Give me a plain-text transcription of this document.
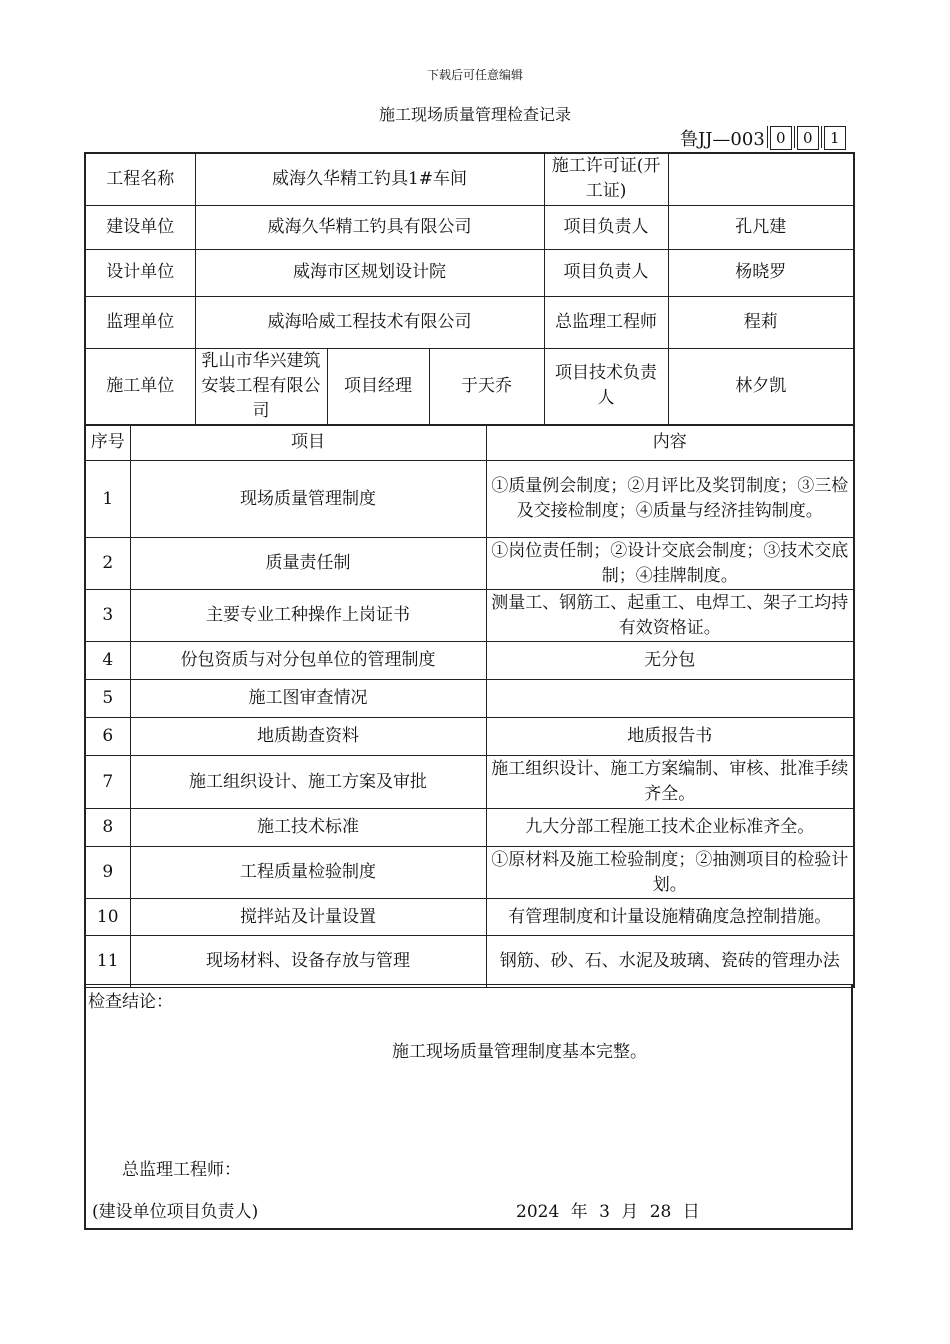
下载后可任意编辑
施工现场质量管理检查记录
鲁JJ—003 0	0	1
工程名称	威海久华精工钓具1#车间			施工许可证(开工证)	
建设单位	威海久华精工钓具有限公司			项目负责人	孔凡建
设计单位	威海市区规划设计院			项目负责人	杨晓罗
监理单位	威海哈威工程技术有限公司			总监理工程师	程莉
施工单位	乳山市华兴建筑安装工程有限公司	项目经理	于天乔	项目技术负责人	林夕凯
序号	项目	内容
1	现场质量管理制度	①质量例会制度；②月评比及奖罚制度；③三检及交接检制度；④质量与经济挂钩制度。
2	质量责任制	①岗位责任制；②设计交底会制度；③技术交底制；④挂牌制度。
3	主要专业工种操作上岗证书	测量工、钢筋工、起重工、电焊工、架子工均持有效资格证。
4	份包资质与对分包单位的管理制度	无分包
5	施工图审查情况	
6	地质勘查资料	地质报告书
7	施工组织设计、施工方案及审批	施工组织设计、施工方案编制、审核、批准手续齐全。
8	施工技术标准	九大分部工程施工技术企业标准齐全。
9	工程质量检验制度	①原材料及施工检验制度；②抽测项目的检验计划。
10	搅拌站及计量设置	有管理制度和计量设施精确度急控制措施。
11	现场材料、设备存放与管理	钢筋、砂、石、水泥及玻璃、瓷砖的管理办法
检查结论：
施工现场质量管理制度基本完整。
总监理工程师：
(建设单位项目负责人)	2024 年 3 月 28 日
